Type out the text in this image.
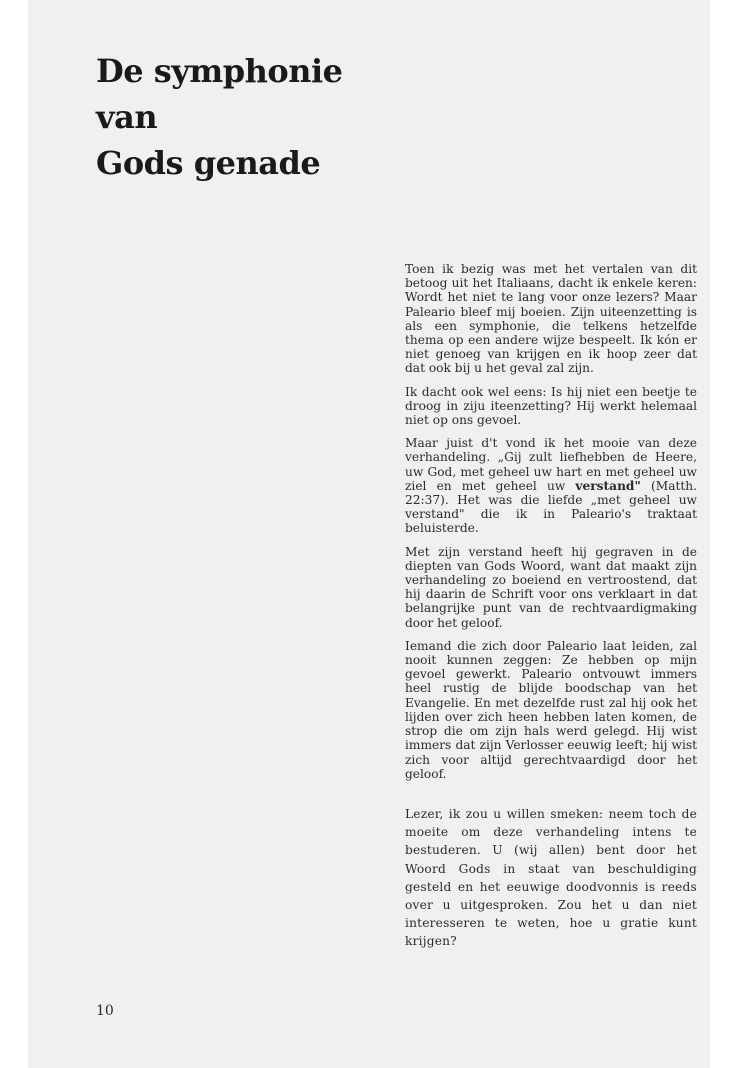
De symphonie
van
Gods genade

Toen ik bezig was met het vertalen van dit betoog uit het Italiaans, dacht ik enkele keren: Wordt het niet te lang voor onze lezers? Maar Paleario bleef mij boeien. Zijn uiteenzetting is als een symphonie, die telkens hetzelfde thema op een andere wijze bespeelt. Ik kón er niet genoeg van krijgen en ik hoop zeer dat dat ook bij u het geval zal zijn.

Ik dacht ook wel eens: Is hij niet een beetje te droog in ziju iteenzetting? Hij werkt helemaal niet op ons gevoel.

Maar juist d't vond ik het mooie van deze verhandeling. „Gij zult liefhebben de Heere, uw God, met geheel uw hart en met geheel uw ziel en met geheel uw verstand" (Matth. 22:37). Het was die liefde „met geheel uw verstand" die ik in Paleario's traktaat beluisterde.

Met zijn verstand heeft hij gegraven in de diepten van Gods Woord, want dat maakt zijn verhandeling zo boeiend en vertroostend, dat hij daarin de Schrift voor ons verklaart in dat belangrijke punt van de rechtvaardigmaking door het geloof.

Iemand die zich door Paleario laat leiden, zal nooit kunnen zeggen: Ze hebben op mijn gevoel gewerkt. Paleario ontvouwt immers heel rustig de blijde boodschap van het Evangelie. En met dezelfde rust zal hij ook het lijden over zich heen hebben laten komen, de strop die om zijn hals werd gelegd. Hij wist immers dat zijn Verlosser eeuwig leeft; hij wist zich voor altijd gerechtvaardigd door het geloof.

Lezer, ik zou u willen smeken: neem toch de moeite om deze verhandeling intens te bestuderen. U (wij allen) bent door het Woord Gods in staat van beschuldiging gesteld en het eeuwige doodvonnis is reeds over u uitgesproken. Zou het u dan niet interesseren te weten, hoe u gratie kunt krijgen?

10
